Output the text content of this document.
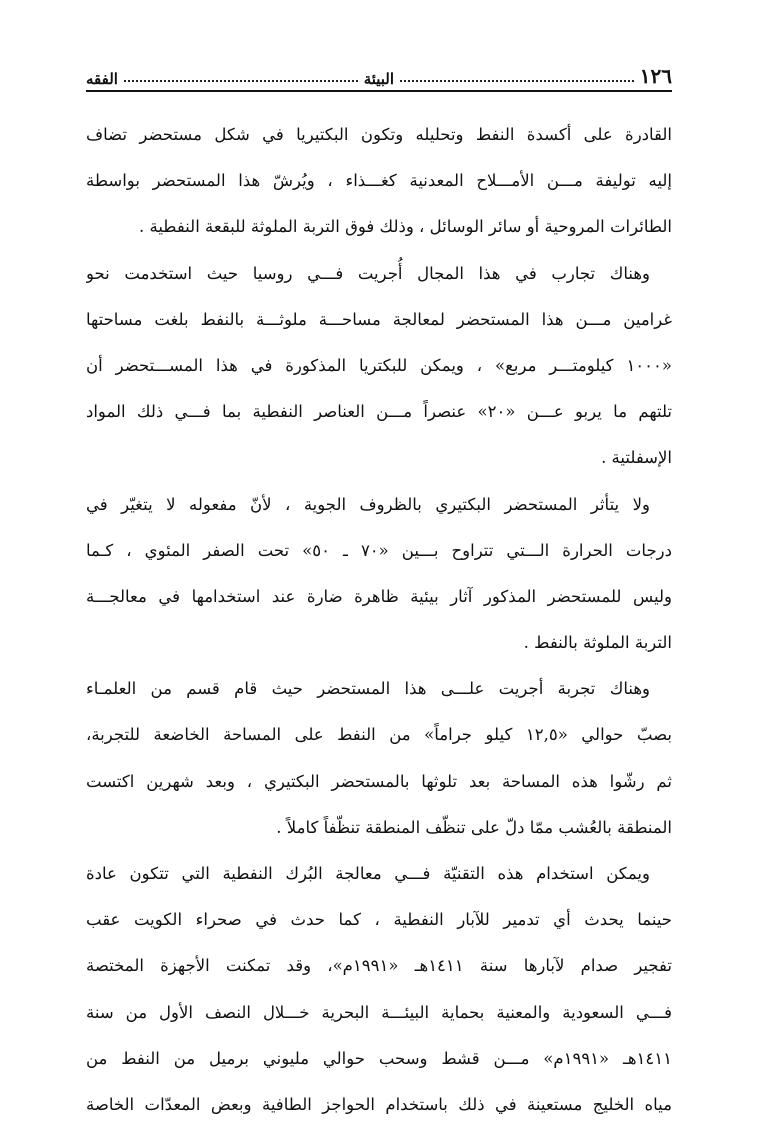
١٢٦
البيئة
الفقه
القادرة على أكسدة النفط وتحليله وتكون البكتيريا في شكل مستحضر تضاف
إليه توليفة مـــن الأمـــلاح المعدنية كغـــذاء ، ويُرشّ هذا المستحضر بواسطة
الطائرات المروحية أو سائر الوسائل ، وذلك فوق التربة الملوثة للبقعة النفطية .
وهناك تجارب في هذا المجال أُجريت فـــي روسيا حيث استخدمت نحو
غرامين مـــن هذا المستحضر لمعالجة مساحـــة ملوثـــة بالنفط بلغت مساحتها
«١٠٠٠ كيلومتـــر مربع» ، ويمكن للبكتريا المذكورة في هذا المســـتحضر أن
تلتهم ما يربو عـــن «٢٠» عنصراً مـــن العناصر النفطية بما فـــي ذلك المواد
الإسفلتية .
ولا يتأثر المستحضر البكتيري بالظروف الجوية ، لأنّ مفعوله لا يتغيّر في
درجات الحرارة الـــتي تتراوح بـــين «٧٠ ـ ٥٠» تحت الصفر المئوي ، كـما
وليس للمستحضر المذكور آثار بيئية ظاهرة ضارة عند استخدامها في معالجـــة
التربة الملوثة بالنفط .
وهناك تجربة أجريت علـــى هذا المستحضر حيث قام قسم من العلمـاء
بصبّ حوالي «١٢,٥ كيلو جراماً» من النفط على المساحة الخاضعة للتجربة،
ثم رشّوا هذه المساحة بعد تلوثها بالمستحضر البكتيري ، وبعد شهرين اكتست
المنطقة بالعُشب ممّا دلّ على تنظّف المنطقة تنظّفاً كاملاً .
ويمكن استخدام هذه التقنيّة فـــي معالجة البُرك النفطية التي تتكون عادة
حينما يحدث أي تدمير للآبار النفطية ، كما حدث في صحراء الكويت عقب
تفجير صدام لآبارها سنة ١٤١١هـ «١٩٩١م»، وقد تمكنت الأجهزة المختصة
فـــي السعودية والمعنية بحماية البيئـــة البحرية خـــلال النصف الأول من سنة
١٤١١هـ «١٩٩١م» مـــن قشط وسحب حوالي مليوني برميل من النفط من
مياه الخليج مستعينة في ذلك باستخدام الحواجز الطافية وبعض المعدّات الخاصة
